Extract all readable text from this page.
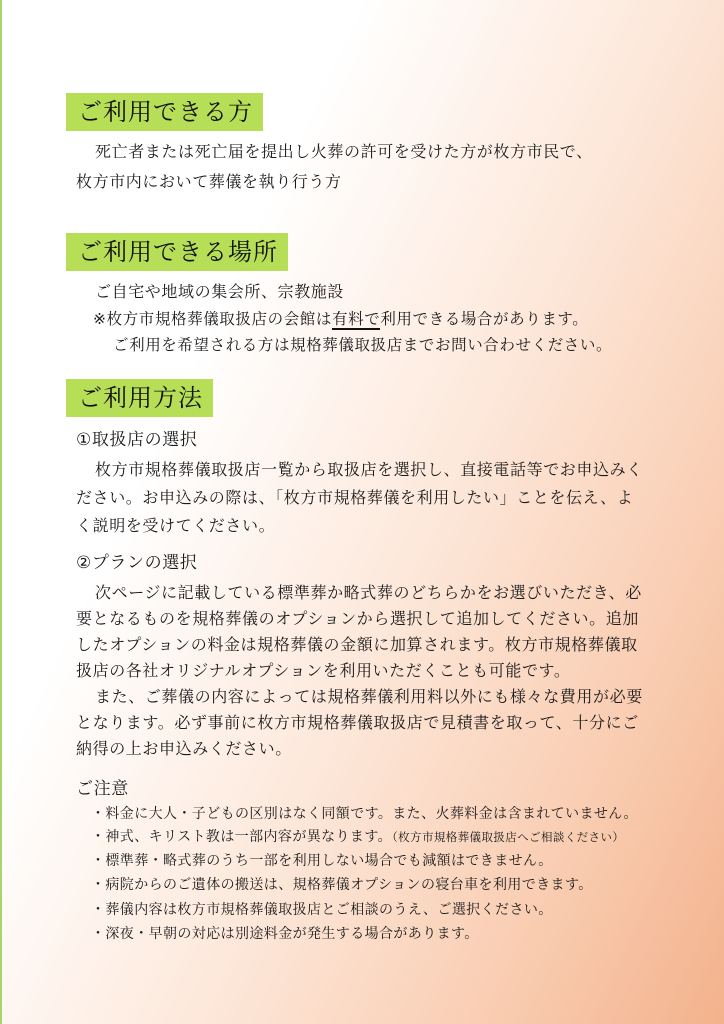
ご利用できる方
死亡者または死亡届を提出し火葬の許可を受けた方が枚方市民で、
枚方市内において葬儀を執り行う方
ご利用できる場所
ご自宅や地域の集会所、宗教施設
※枚方市規格葬儀取扱店の会館は有料で利用できる場合があります。
ご利用を希望される方は規格葬儀取扱店までお問い合わせください。
ご利用方法
①取扱店の選択
枚方市規格葬儀取扱店一覧から取扱店を選択し、直接電話等でお申込みく
ださい。お申込みの際は、「枚方市規格葬儀を利用したい」ことを伝え、よ
く説明を受けてください。
②プランの選択
次ページに記載している標準葬か略式葬のどちらかをお選びいただき、必
要となるものを規格葬儀のオプションから選択して追加してください。追加
したオプションの料金は規格葬儀の金額に加算されます。枚方市規格葬儀取
扱店の各社オリジナルオプションを利用いただくことも可能です。
また、ご葬儀の内容によっては規格葬儀利用料以外にも様々な費用が必要
となります。必ず事前に枚方市規格葬儀取扱店で見積書を取って、十分にご
納得の上お申込みください。
ご注意
・料金に大人・子どもの区別はなく同額です。また、火葬料金は含まれていません。
・神式、キリスト教は一部内容が異なります。（枚方市規格葬儀取扱店へご相談ください）
・標準葬・略式葬のうち一部を利用しない場合でも減額はできません。
・病院からのご遺体の搬送は、規格葬儀オプションの寝台車を利用できます。
・葬儀内容は枚方市規格葬儀取扱店とご相談のうえ、ご選択ください。
・深夜・早朝の対応は別途料金が発生する場合があります。
